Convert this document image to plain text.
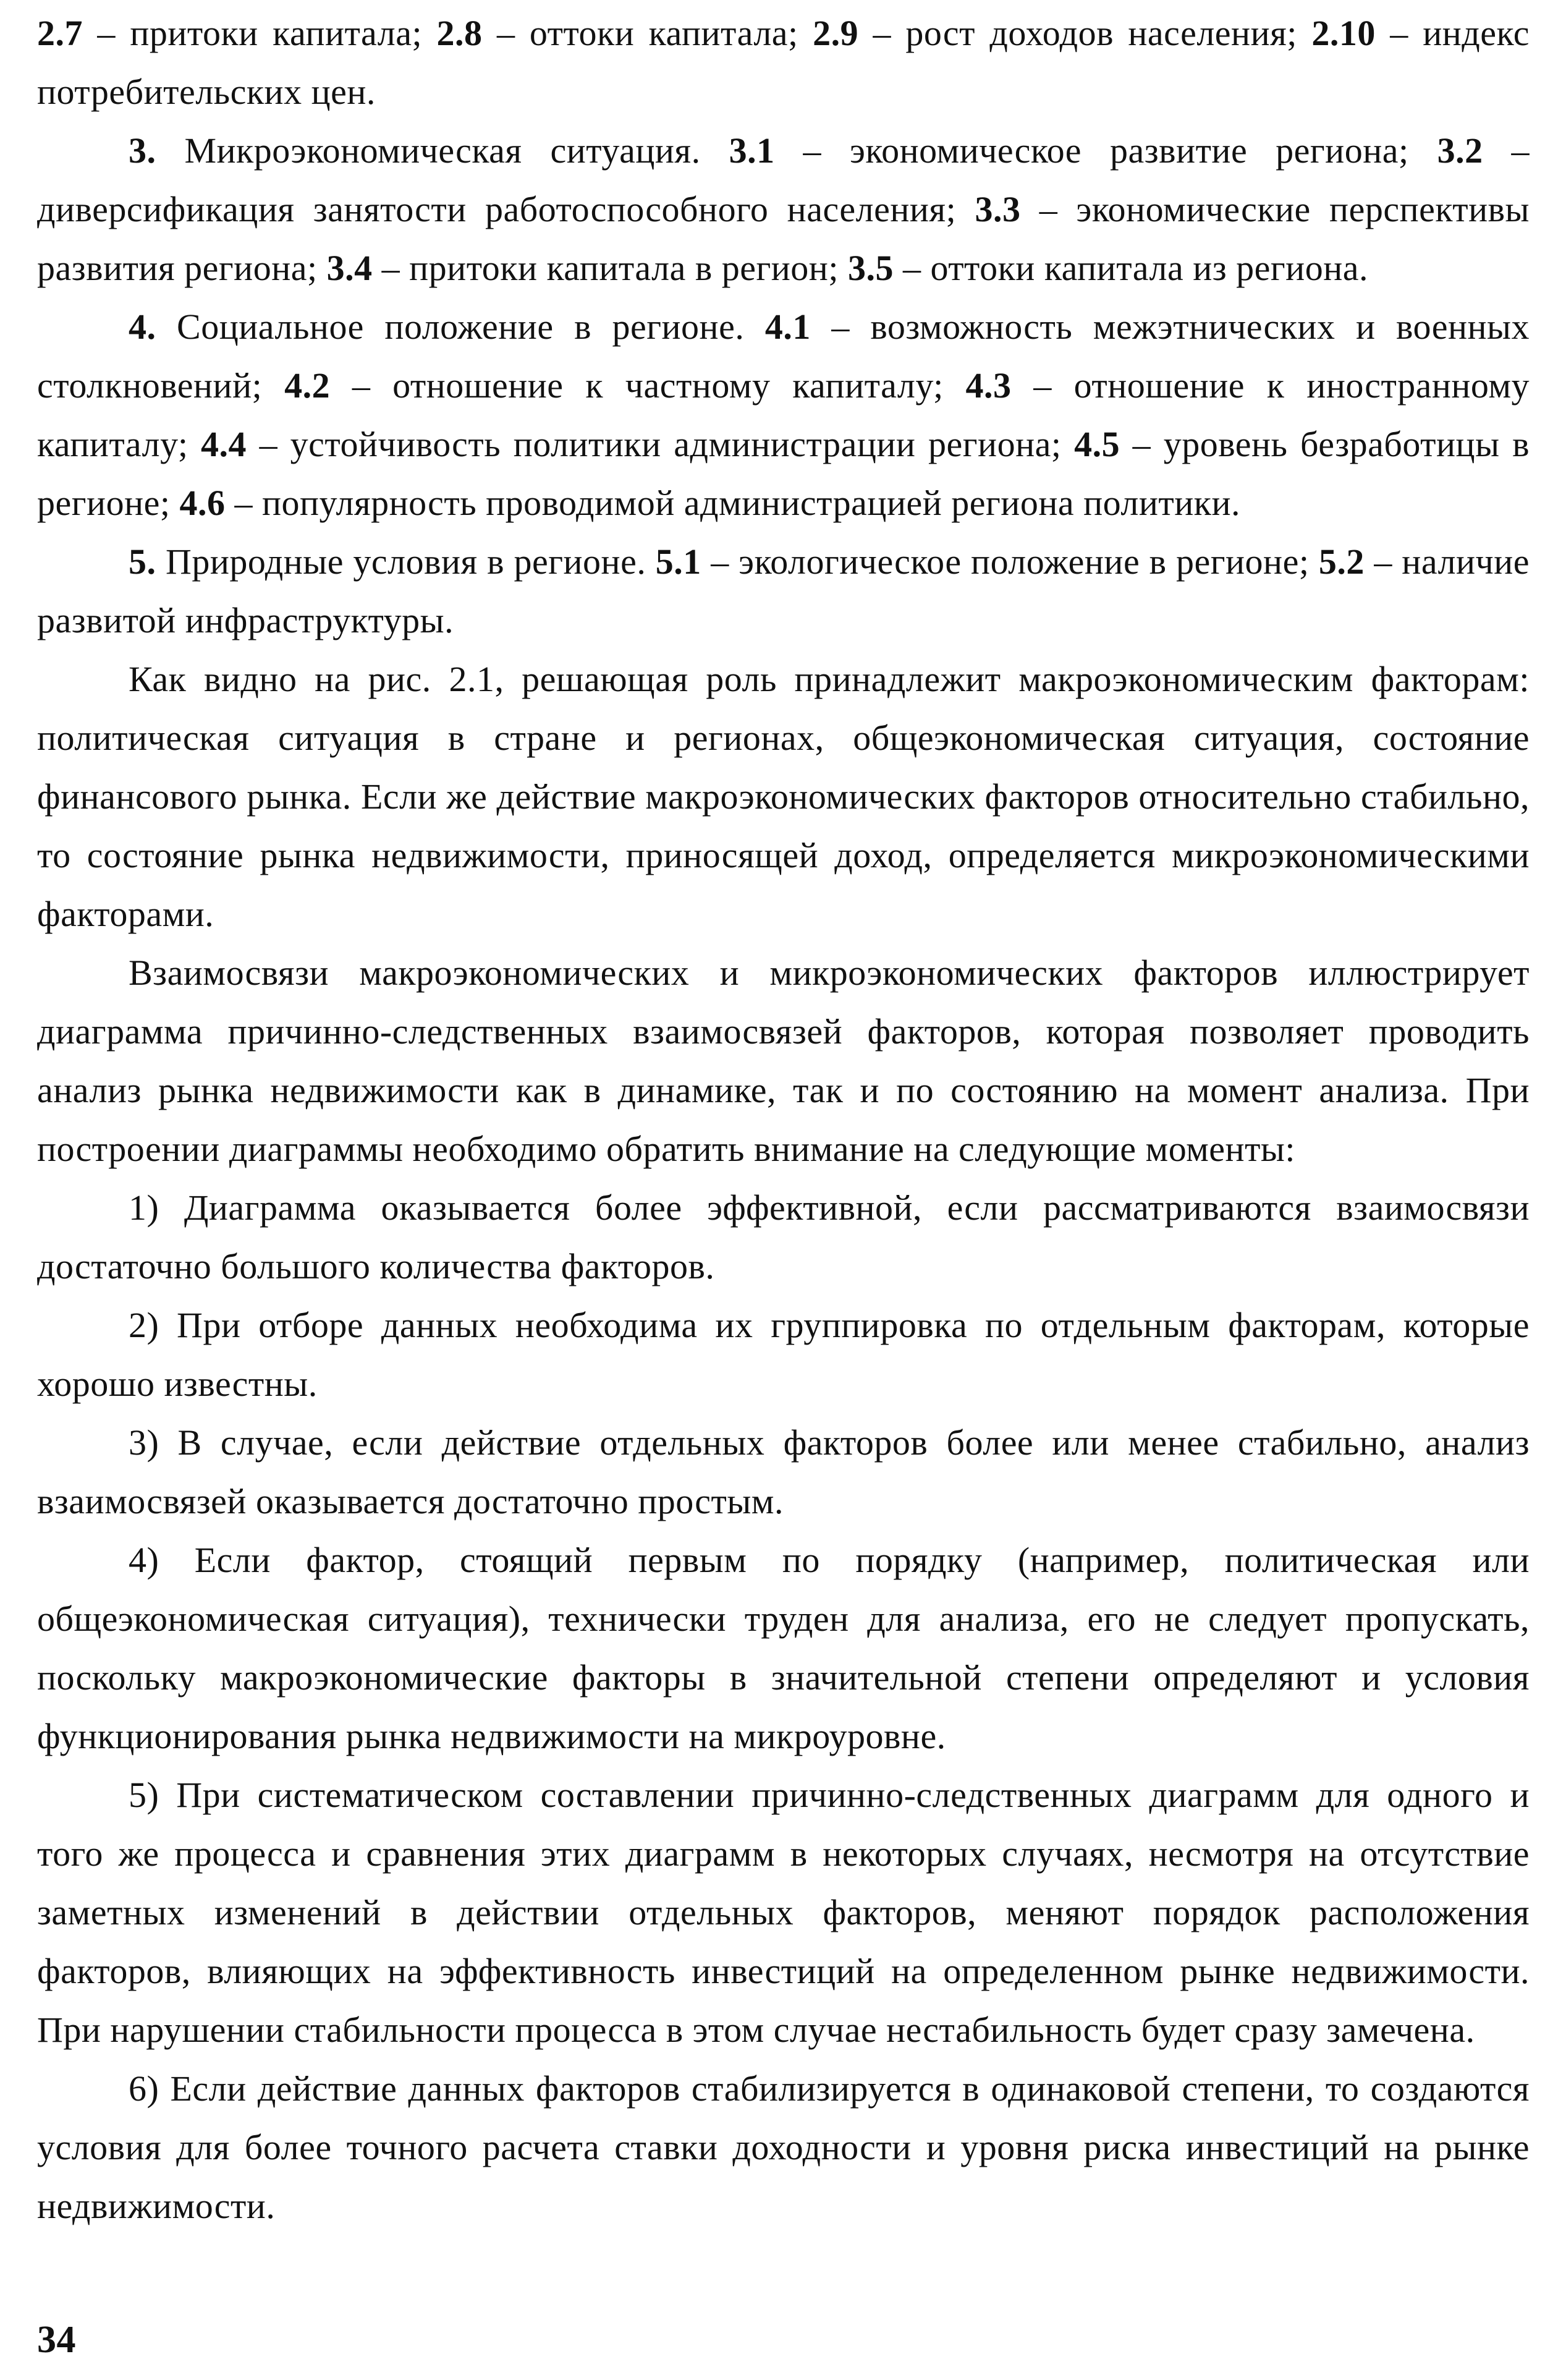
2.7 – притоки капитала; 2.8 – оттоки капитала; 2.9 – рост доходов населения; 2.10 – индекс потребительских цен.

3. Микроэкономическая ситуация. 3.1 – экономическое развитие региона; 3.2 – диверсификация занятости работоспособного населения; 3.3 – экономические перспективы развития региона; 3.4 – притоки капитала в регион; 3.5 – оттоки капитала из региона.

4. Социальное положение в регионе. 4.1 – возможность межэтнических и военных столкновений; 4.2 – отношение к частному капиталу; 4.3 – отношение к иностранному капиталу; 4.4 – устойчивость политики администрации региона; 4.5 – уровень безработицы в регионе; 4.6 – популярность проводимой администрацией региона политики.

5. Природные условия в регионе. 5.1 – экологическое положение в регионе; 5.2 – наличие развитой инфраструктуры.

Как видно на рис. 2.1, решающая роль принадлежит макроэкономическим факторам: политическая ситуация в стране и регионах, общеэкономическая ситуация, состояние финансового рынка. Если же действие макроэкономических факторов относительно стабильно, то состояние рынка недвижимости, приносящей доход, определяется микроэкономическими факторами.

Взаимосвязи макроэкономических и микроэкономических факторов иллюстрирует диаграмма причинно-следственных взаимосвязей факторов, которая позволяет проводить анализ рынка недвижимости как в динамике, так и по состоянию на момент анализа. При построении диаграммы необходимо обратить внимание на следующие моменты:

1) Диаграмма оказывается более эффективной, если рассматриваются взаимосвязи достаточно большого количества факторов.

2) При отборе данных необходима их группировка по отдельным факторам, которые хорошо известны.

3) В случае, если действие отдельных факторов более или менее стабильно, анализ взаимосвязей оказывается достаточно простым.

4) Если фактор, стоящий первым по порядку (например, политическая или общеэкономическая ситуация), технически труден для анализа, его не следует пропускать, поскольку макроэкономические факторы в значительной степени определяют и условия функционирования рынка недвижимости на микроуровне.

5) При систематическом составлении причинно-следственных диаграмм для одного и того же процесса и сравнения этих диаграмм в некоторых случаях, несмотря на отсутствие заметных изменений в действии отдельных факторов, меняют порядок расположения факторов, влияющих на эффективность инвестиций на определенном рынке недвижимости. При нарушении стабильности процесса в этом случае нестабильность будет сразу замечена.

6) Если действие данных факторов стабилизируется в одинаковой степени, то создаются условия для более точного расчета ставки доходности и уровня риска инвестиций на рынке недвижимости.

34
